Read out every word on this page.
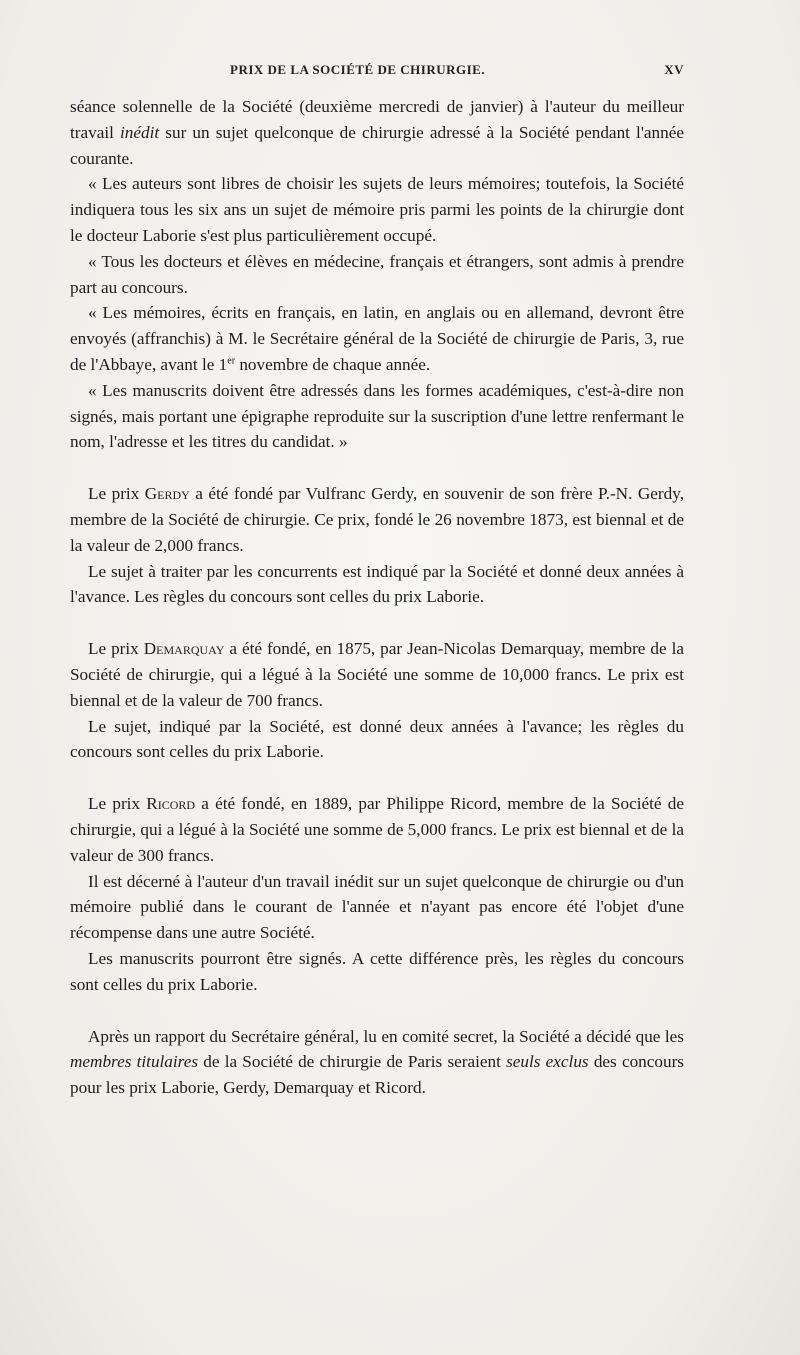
PRIX DE LA SOCIÉTÉ DE CHIRURGIE.	XV

séance solennelle de la Société (deuxième mercredi de janvier) à l'auteur du meilleur travail inédit sur un sujet quelconque de chirurgie adressé à la Société pendant l'année courante.

« Les auteurs sont libres de choisir les sujets de leurs mémoires; toutefois, la Société indiquera tous les six ans un sujet de mémoire pris parmi les points de la chirurgie dont le docteur Laborie s'est plus particulièrement occupé.

« Tous les docteurs et élèves en médecine, français et étrangers, sont admis à prendre part au concours.

« Les mémoires, écrits en français, en latin, en anglais ou en allemand, devront être envoyés (affranchis) à M. le Secrétaire général de la Société de chirurgie de Paris, 3, rue de l'Abbaye, avant le 1er novembre de chaque année.

« Les manuscrits doivent être adressés dans les formes académiques, c'est-à-dire non signés, mais portant une épigraphe reproduite sur la suscription d'une lettre renfermant le nom, l'adresse et les titres du candidat. »

Le prix Gerdy a été fondé par Vulfranc Gerdy, en souvenir de son frère P.-N. Gerdy, membre de la Société de chirurgie. Ce prix, fondé le 26 novembre 1873, est biennal et de la valeur de 2,000 francs.

Le sujet à traiter par les concurrents est indiqué par la Société et donné deux années à l'avance. Les règles du concours sont celles du prix Laborie.

Le prix Demarquay a été fondé, en 1875, par Jean-Nicolas Demarquay, membre de la Société de chirurgie, qui a légué à la Société une somme de 10,000 francs. Le prix est biennal et de la valeur de 700 francs.

Le sujet, indiqué par la Société, est donné deux années à l'avance; les règles du concours sont celles du prix Laborie.

Le prix Ricord a été fondé, en 1889, par Philippe Ricord, membre de la Société de chirurgie, qui a légué à la Société une somme de 5,000 francs. Le prix est biennal et de la valeur de 300 francs.

Il est décerné à l'auteur d'un travail inédit sur un sujet quelconque de chirurgie ou d'un mémoire publié dans le courant de l'année et n'ayant pas encore été l'objet d'une récompense dans une autre Société.

Les manuscrits pourront être signés. A cette différence près, les règles du concours sont celles du prix Laborie.

Après un rapport du Secrétaire général, lu en comité secret, la Société a décidé que les membres titulaires de la Société de chirurgie de Paris seraient seuls exclus des concours pour les prix Laborie, Gerdy, Demarquay et Ricord.
